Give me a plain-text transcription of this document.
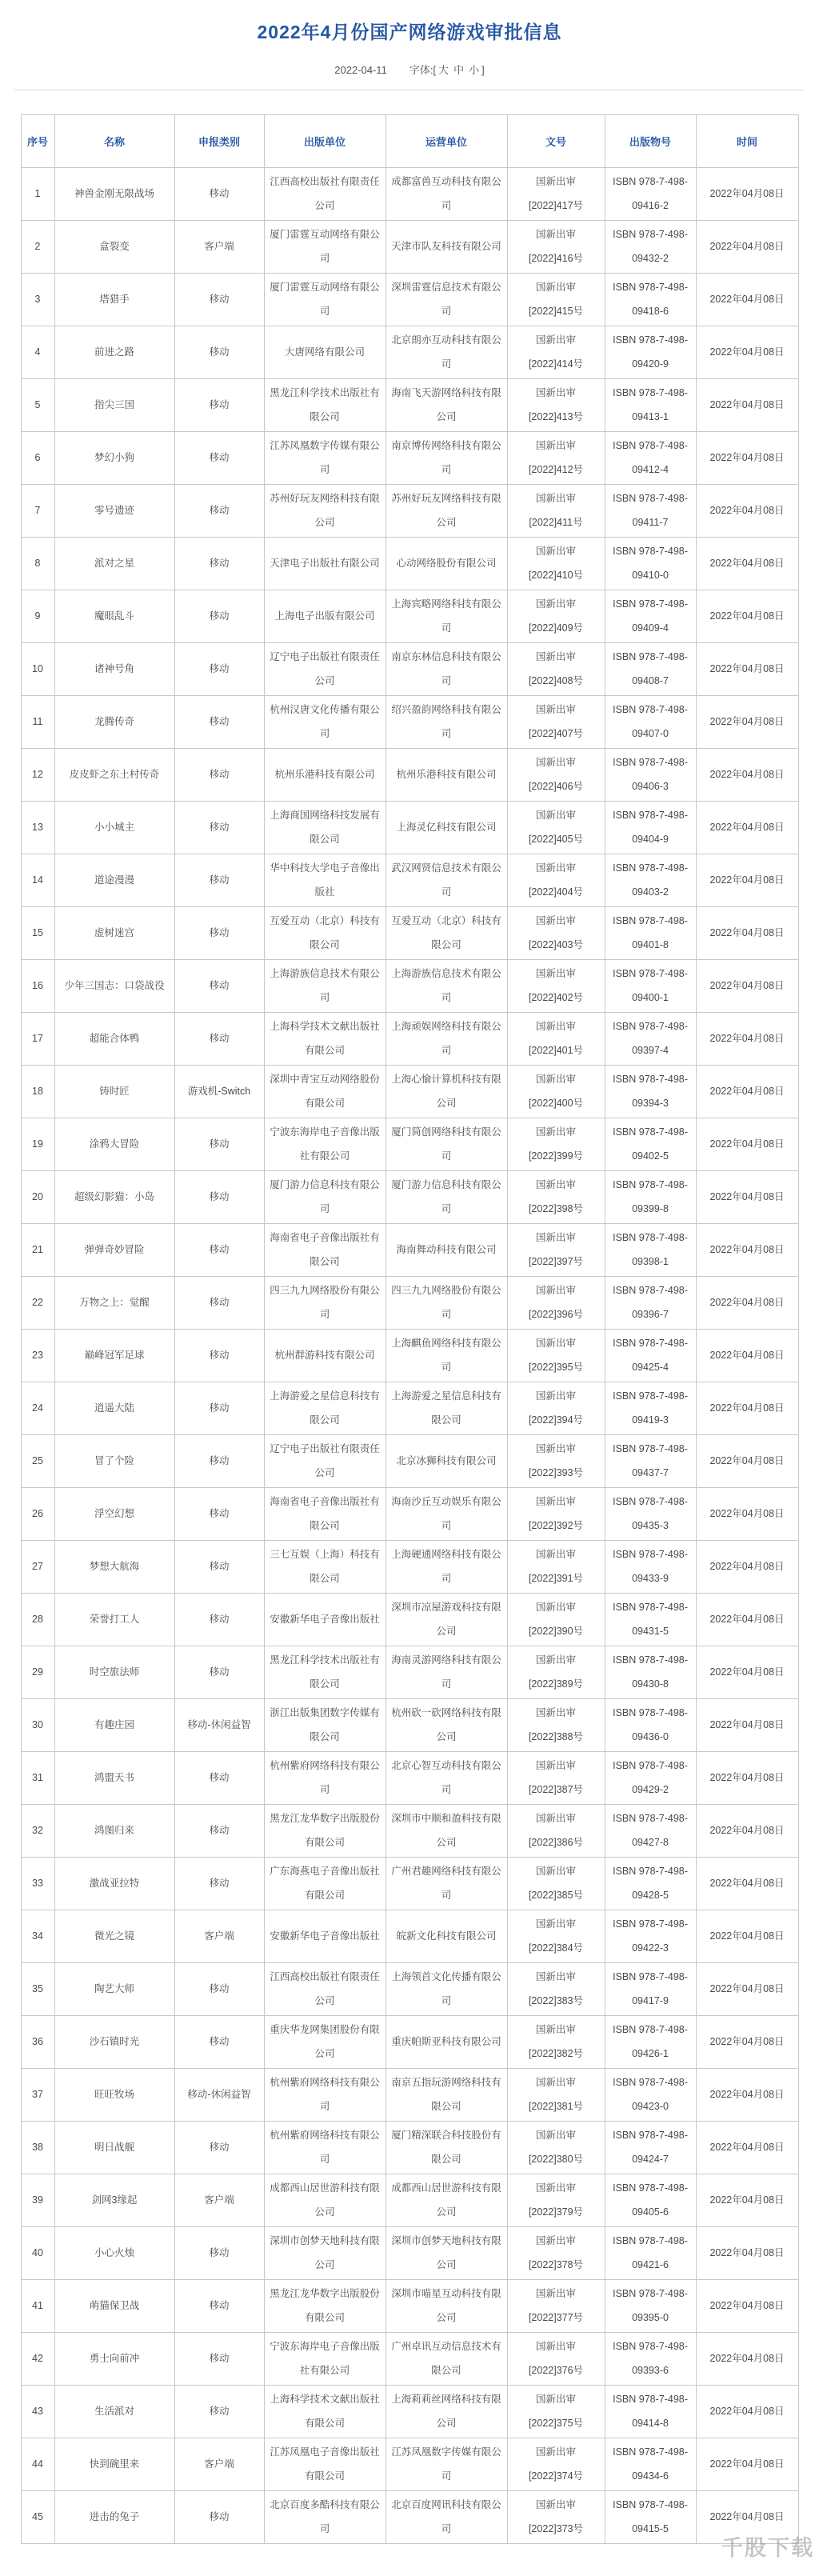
2022年4月份国产网络游戏审批信息
2022-04-11 字体:[ 大 中 小 ]
序号	名称	申报类别	出版单位	运营单位	文号	出版物号	时间
1	神兽金刚无限战场	移动	江西高校出版社有限责任公司	成都富兽互动科技有限公司	国新出审[2022]417号	ISBN 978-7-498-09416-2	2022年04月08日
2	盒裂变	客户端	厦门雷霆互动网络有限公司	天津市队友科技有限公司	国新出审[2022]416号	ISBN 978-7-498-09432-2	2022年04月08日
3	塔猎手	移动	厦门雷霆互动网络有限公司	深圳雷霆信息技术有限公司	国新出审[2022]415号	ISBN 978-7-498-09418-6	2022年04月08日
4	前进之路	移动	大唐网络有限公司	北京朗亦互动科技有限公司	国新出审[2022]414号	ISBN 978-7-498-09420-9	2022年04月08日
5	指尖三国	移动	黑龙江科学技术出版社有限公司	海南飞天游网络科技有限公司	国新出审[2022]413号	ISBN 978-7-498-09413-1	2022年04月08日
6	梦幻小狗	移动	江苏凤凰数字传媒有限公司	南京博传网络科技有限公司	国新出审[2022]412号	ISBN 978-7-498-09412-4	2022年04月08日
7	零号遗迹	移动	苏州好玩友网络科技有限公司	苏州好玩友网络科技有限公司	国新出审[2022]411号	ISBN 978-7-498-09411-7	2022年04月08日
8	派对之星	移动	天津电子出版社有限公司	心动网络股份有限公司	国新出审[2022]410号	ISBN 978-7-498-09410-0	2022年04月08日
9	魔眼乱斗	移动	上海电子出版有限公司	上海宾略网络科技有限公司	国新出审[2022]409号	ISBN 978-7-498-09409-4	2022年04月08日
10	诸神号角	移动	辽宁电子出版社有限责任公司	南京东林信息科技有限公司	国新出审[2022]408号	ISBN 978-7-498-09408-7	2022年04月08日
11	龙腾传奇	移动	杭州汉唐文化传播有限公司	绍兴盈韵网络科技有限公司	国新出审[2022]407号	ISBN 978-7-498-09407-0	2022年04月08日
12	皮皮虾之东土村传奇	移动	杭州乐港科技有限公司	杭州乐港科技有限公司	国新出审[2022]406号	ISBN 978-7-498-09406-3	2022年04月08日
13	小小城主	移动	上海商国网络科技发展有限公司	上海灵亿科技有限公司	国新出审[2022]405号	ISBN 978-7-498-09404-9	2022年04月08日
14	道途漫漫	移动	华中科技大学电子音像出版社	武汉网贤信息技术有限公司	国新出审[2022]404号	ISBN 978-7-498-09403-2	2022年04月08日
15	虚树迷宫	移动	互爱互动（北京）科技有限公司	互爱互动（北京）科技有限公司	国新出审[2022]403号	ISBN 978-7-498-09401-8	2022年04月08日
16	少年三国志：口袋战役	移动	上海游族信息技术有限公司	上海游族信息技术有限公司	国新出审[2022]402号	ISBN 978-7-498-09400-1	2022年04月08日
17	超能合体鸭	移动	上海科学技术文献出版社有限公司	上海顽娱网络科技有限公司	国新出审[2022]401号	ISBN 978-7-498-09397-4	2022年04月08日
18	铸时匠	游戏机-Switch	深圳中青宝互动网络股份有限公司	上海心愉计算机科技有限公司	国新出审[2022]400号	ISBN 978-7-498-09394-3	2022年04月08日
19	涂鸦大冒险	移动	宁波东海岸电子音像出版社有限公司	厦门简创网络科技有限公司	国新出审[2022]399号	ISBN 978-7-498-09402-5	2022年04月08日
20	超级幻影猫：小岛	移动	厦门游力信息科技有限公司	厦门游力信息科技有限公司	国新出审[2022]398号	ISBN 978-7-498-09399-8	2022年04月08日
21	弹弹奇妙冒险	移动	海南省电子音像出版社有限公司	海南舞动科技有限公司	国新出审[2022]397号	ISBN 978-7-498-09398-1	2022年04月08日
22	万物之上：觉醒	移动	四三九九网络股份有限公司	四三九九网络股份有限公司	国新出审[2022]396号	ISBN 978-7-498-09396-7	2022年04月08日
23	巅峰冠军足球	移动	杭州群游科技有限公司	上海麒鱼网络科技有限公司	国新出审[2022]395号	ISBN 978-7-498-09425-4	2022年04月08日
24	逍遥大陆	移动	上海游爱之星信息科技有限公司	上海游爱之星信息科技有限公司	国新出审[2022]394号	ISBN 978-7-498-09419-3	2022年04月08日
25	冒了个险	移动	辽宁电子出版社有限责任公司	北京冰狮科技有限公司	国新出审[2022]393号	ISBN 978-7-498-09437-7	2022年04月08日
26	浮空幻想	移动	海南省电子音像出版社有限公司	海南沙丘互动娱乐有限公司	国新出审[2022]392号	ISBN 978-7-498-09435-3	2022年04月08日
27	梦想大航海	移动	三七互娱（上海）科技有限公司	上海硬通网络科技有限公司	国新出审[2022]391号	ISBN 978-7-498-09433-9	2022年04月08日
28	荣誉打工人	移动	安徽新华电子音像出版社	深圳市凉屋游戏科技有限公司	国新出审[2022]390号	ISBN 978-7-498-09431-5	2022年04月08日
29	时空旅法师	移动	黑龙江科学技术出版社有限公司	海南灵游网络科技有限公司	国新出审[2022]389号	ISBN 978-7-498-09430-8	2022年04月08日
30	有趣庄园	移动-休闲益智	浙江出版集团数字传媒有限公司	杭州砍一砍网络科技有限公司	国新出审[2022]388号	ISBN 978-7-498-09436-0	2022年04月08日
31	鸿盟天书	移动	杭州紫府网络科技有限公司	北京心智互动科技有限公司	国新出审[2022]387号	ISBN 978-7-498-09429-2	2022年04月08日
32	鸿图归来	移动	黑龙江龙华数字出版股份有限公司	深圳市中顺和盈科技有限公司	国新出审[2022]386号	ISBN 978-7-498-09427-8	2022年04月08日
33	激战亚拉特	移动	广东海燕电子音像出版社有限公司	广州君趣网络科技有限公司	国新出审[2022]385号	ISBN 978-7-498-09428-5	2022年04月08日
34	微光之镜	客户端	安徽新华电子音像出版社	皖新文化科技有限公司	国新出审[2022]384号	ISBN 978-7-498-09422-3	2022年04月08日
35	陶艺大师	移动	江西高校出版社有限责任公司	上海领首文化传播有限公司	国新出审[2022]383号	ISBN 978-7-498-09417-9	2022年04月08日
36	沙石镇时光	移动	重庆华龙网集团股份有限公司	重庆帕斯亚科技有限公司	国新出审[2022]382号	ISBN 978-7-498-09426-1	2022年04月08日
37	旺旺牧场	移动-休闲益智	杭州紫府网络科技有限公司	南京五指玩游网络科技有限公司	国新出审[2022]381号	ISBN 978-7-498-09423-0	2022年04月08日
38	明日战舰	移动	杭州紫府网络科技有限公司	厦门精深联合科技股份有限公司	国新出审[2022]380号	ISBN 978-7-498-09424-7	2022年04月08日
39	剑网3缘起	客户端	成都西山居世游科技有限公司	成都西山居世游科技有限公司	国新出审[2022]379号	ISBN 978-7-498-09405-6	2022年04月08日
40	小心火烛	移动	深圳市创梦天地科技有限公司	深圳市创梦天地科技有限公司	国新出审[2022]378号	ISBN 978-7-498-09421-6	2022年04月08日
41	萌猫保卫战	移动	黑龙江龙华数字出版股份有限公司	深圳市喵星互动科技有限公司	国新出审[2022]377号	ISBN 978-7-498-09395-0	2022年04月08日
42	勇士向前冲	移动	宁波东海岸电子音像出版社有限公司	广州卓讯互动信息技术有限公司	国新出审[2022]376号	ISBN 978-7-498-09393-6	2022年04月08日
43	生活派对	移动	上海科学技术文献出版社有限公司	上海莉莉丝网络科技有限公司	国新出审[2022]375号	ISBN 978-7-498-09414-8	2022年04月08日
44	快到碗里来	客户端	江苏凤凰电子音像出版社有限公司	江苏凤凰数字传媒有限公司	国新出审[2022]374号	ISBN 978-7-498-09434-6	2022年04月08日
45	进击的兔子	移动	北京百度多酷科技有限公司	北京百度网讯科技有限公司	国新出审[2022]373号	ISBN 978-7-498-09415-5	2022年04月08日
千股下载
